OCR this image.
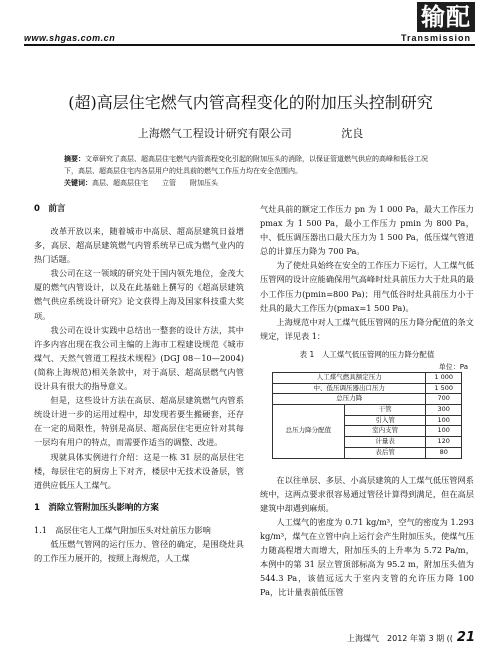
www.shgas.com.cn
输配
Transmission
(超)高层住宅燃气内管高程变化的附加压头控制研究
上海燃气工程设计研究有限公司	沈良
摘要：文章研究了高层、超高层住宅燃气内管高程变化引起的附加压头的消除，以保证管道燃气供应的高峰和低谷工况下，高层、超高层住宅内各层用户的灶具前的燃气工作压力均在安全范围内。
关键词：高层、超高层住宅 立管 附加压头
0　前言

改革开放以来，随着城市中高层、超高层建筑日益增多，高层、超高层建筑燃气内管系统早已成为燃气业内的热门话题。

我公司在这一领域的研究处于国内领先地位，金茂大厦的燃气内管设计，以及在此基础上撰写的《超高层建筑燃气供应系统设计研究》论文获得上海及国家科技重大奖项。

我公司在设计实践中总结出一整套的设计方法，其中许多内容出现在我公司主编的上海市工程建设规范《城市煤气、天然气管道工程技术规程》(DGJ 08－10—2004)(简称上海规范)相关条款中，对于高层、超高层燃气内管设计具有很大的指导意义。

但是，这些设计方法在高层、超高层建筑燃气内管系统设计进一步的运用过程中，却发现若要生搬硬套，还存在一定的局限性，特别是高层、超高层住宅更应针对其每一层均有用户的特点，而需要作适当的调整、改进。

现就具体实例进行介绍：这是一栋 31 层的高层住宅楼，每层住宅的厨房上下对齐，楼层中无技术设备层，管道供应低压人工煤气。

1　消除立管附加压头影响的方案

1.1　高层住宅人工煤气附加压头对灶前压力影响

低压燃气管网的运行压力、管径的确定，是围绕灶具的工作压力展开的，按照上海规范，人工煤

气灶具前的额定工作压力 pn 为 1 000 Pa，最大工作压力 pmax 为 1 500 Pa，最小工作压力 pmin 为 800 Pa，中、低压调压器出口最大压力为 1 500 Pa，低压煤气管道总的计算压力降为 700 Pa。

为了使灶具始终在安全的工作压力下运行，人工煤气低压管网的设计应能确保用气高峰时灶具前压力大于灶具的最小工作压力(pmin=800 Pa)；用气低谷时灶具前压力小于灶具的最大工作压力(pmax=1 500 Pa)。

上海规范中对人工煤气低压管网的压力降分配值的条文规定，详见表 1：

表 1　人工煤气低压管网的压力降分配值
单位：Pa
人工煤气燃具额定压力		1 000
中、低压调压器出口压力		1 500
总压力降		700
总压力降分配值	干管	300
	引入管	100
	室内支管	100
	计量表	120
	表后管	80

在以往单层、多层、小高层建筑的人工煤气低压管网系统中，这两点要求很容易通过管径计算得到满足，但在高层建筑中却遇到麻烦。

人工煤气的密度为 0.71 kg/m³，空气的密度为 1.293 kg/m³，煤气在立管中向上运行会产生附加压头，使煤气压力随高程增大而增大，附加压头的上升率为 5.72 Pa/m，本例中的第 31 层立管顶部标高为 95.2 m，附加压头值为 544.3 Pa，该值远远大于室内支管的允许压力降 100 Pa，比计量表前低压管

上海煤气　2012 年第 3 期 (( 21
